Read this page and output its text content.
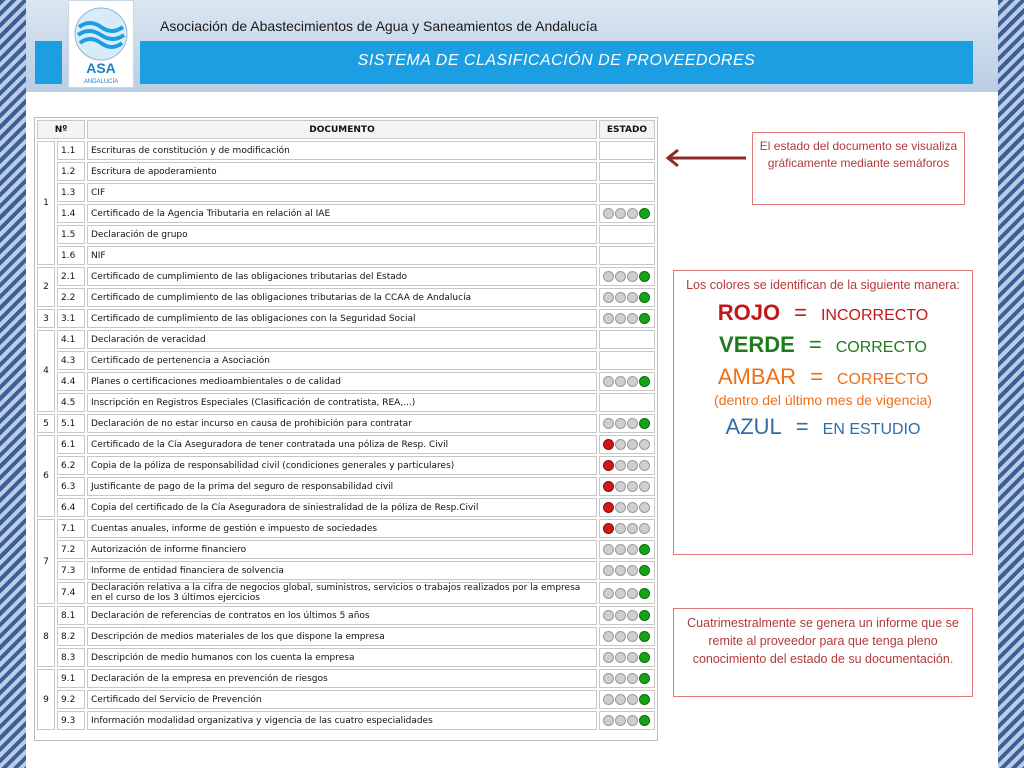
ASA
ANDALUCÍA
Asociación de Abastecimientos de Agua y Saneamientos de Andalucía
SISTEMA DE CLASIFICACIÓN DE PROVEEDORES
Nº		DOCUMENTO	ESTADO
1	1.1	Escrituras de constitución y de modificación	
	1.2	Escritura de apoderamiento	
	1.3	CIF	
	1.4	Certificado de la Agencia Tributaria en relación al IAE	

	1.5	Declaración de grupo	
	1.6	NIF	
2	2.1	Certificado de cumplimiento de las obligaciones tributarias del Estado	

	2.2	Certificado de cumplimiento de las obligaciones tributarias de la CCAA de Andalucía	

3	3.1	Certificado de cumplimiento de las obligaciones con la Seguridad Social	

4	4.1	Declaración de veracidad	
	4.3	Certificado de pertenencia a Asociación	
	4.4	Planes o certificaciones medioambientales o de calidad	

	4.5	Inscripción en Registros Especiales (Clasificación de contratista, REA,...)	
5	5.1	Declaración de no estar incurso en causa de prohibición para contratar	

6	6.1	Certificado de la Cía Aseguradora de tener contratada una póliza de Resp. Civil	

	6.2	Copia de la póliza de responsabilidad civil (condiciones generales y particulares)	

	6.3	Justificante de pago de la prima del seguro de responsabilidad civil	

	6.4	Copia del certificado de la Cía Aseguradora de siniestralidad de la póliza de Resp.Civil	

7	7.1	Cuentas anuales, informe de gestión e impuesto de sociedades	

	7.2	Autorización de informe financiero	

	7.3	Informe de entidad financiera de solvencia	

	7.4	Declaración relativa a la cifra de negocios global, suministros, servicios o trabajos realizados por la empresa en el curso de los 3 últimos ejercicios	

8	8.1	Declaración de referencias de contratos en los últimos 5 años	

	8.2	Descripción de medios materiales de los que dispone la empresa	

	8.3	Descripción de medio humanos con los cuenta la empresa	

9	9.1	Declaración de la empresa en prevención de riesgos	

	9.2	Certificado del Servicio de Prevención	

	9.3	Información modalidad organizativa y vigencia de las cuatro especialidades	
El estado del documento se visualiza gráficamente mediante semáforos
Los colores se identifican de la siguiente manera:
ROJO = INCORRECTO
VERDE = CORRECTO
AMBAR = CORRECTO
(dentro del último mes de vigencia)
AZUL = EN ESTUDIO
Cuatrimestralmente se genera un informe que se remite al proveedor para que tenga pleno conocimiento del estado de su documentación.
